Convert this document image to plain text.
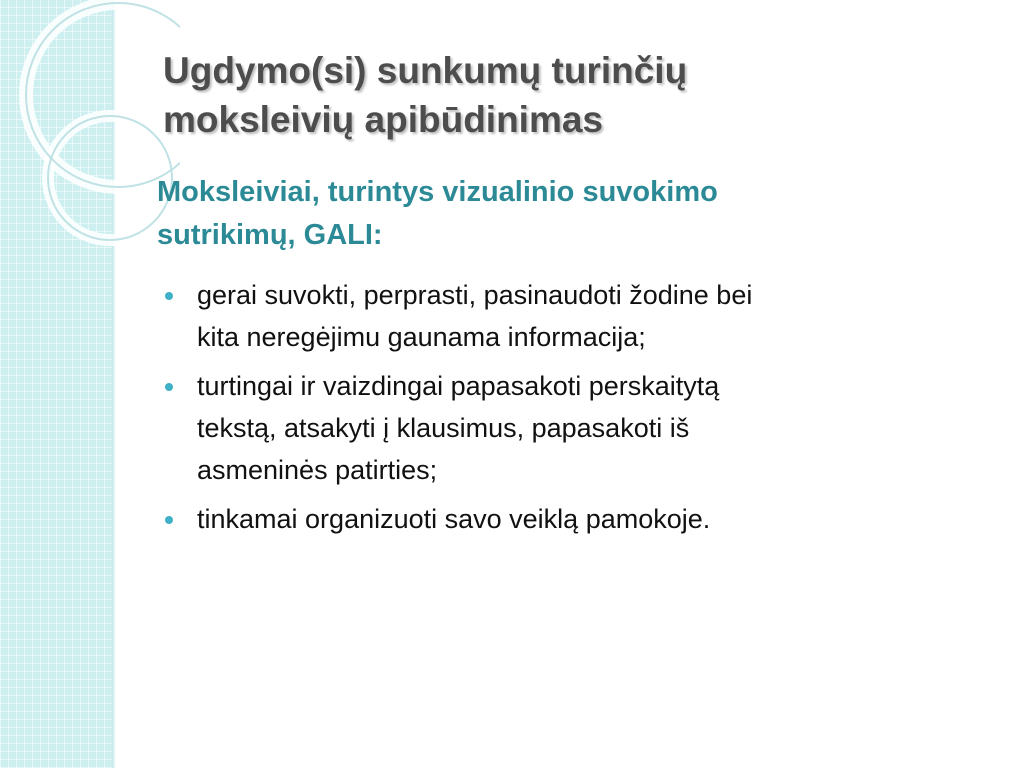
Ugdymo(si) sunkumų turinčių
moksleivių apibūdinimas
Moksleiviai, turintys vizualinio suvokimo
sutrikimų, GALI:
gerai suvokti, perprasti, pasinaudoti žodine bei
kita neregėjimu gaunama informacija;
turtingai ir vaizdingai papasakoti perskaitytą
tekstą, atsakyti į klausimus, papasakoti iš
asmeninės patirties;
tinkamai organizuoti savo veiklą pamokoje.
